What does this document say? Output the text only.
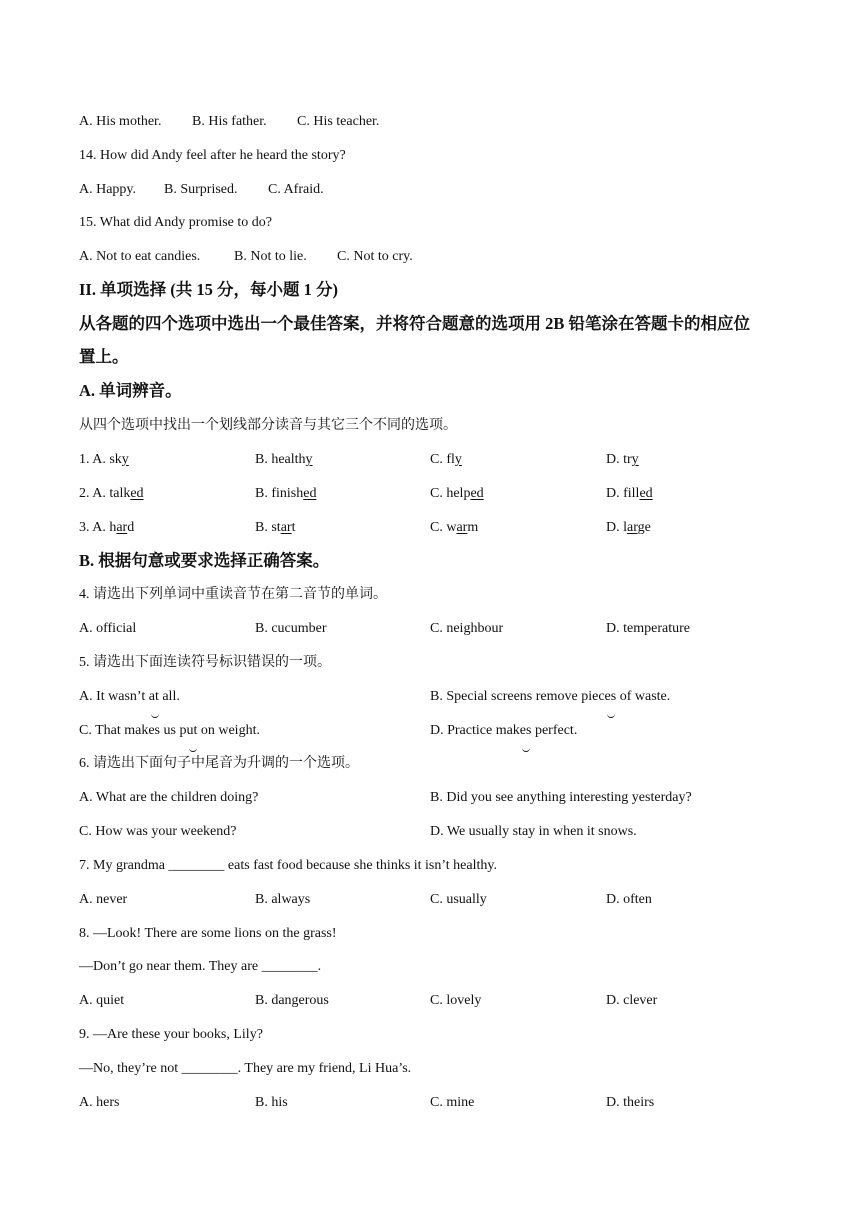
A. His mother. B. His father. C. His teacher.
14. How did Andy feel after he heard the story?
A. Happy. B. Surprised. C. Afraid.
15. What did Andy promise to do?
A. Not to eat candies. B. Not to lie. C. Not to cry.
II. 单项选择 (共 15 分，每小题 1 分)
从各题的四个选项中选出一个最佳答案，并将符合题意的选项用 2B 铅笔涂在答题卡的相应位
置上。
A. 单词辨音。
从四个选项中找出一个划线部分读音与其它三个不同的选项。
1. A. sky	B. healthy	C. fly	D. try
2. A. talked	B. finished	C. helped	D. filled
3. A. hard	B. start	C. warm	D. large
B. 根据句意或要求选择正确答案。
4. 请选出下列单词中重读音节在第二音节的单词。
A. official	B. cucumber	C. neighbour	D. temperature
5. 请选出下面连读符号标识错误的一项。
A. It wasn’t at all.	B. Special screens remove pieces of waste.
C. That makes us put on weight.	D. Practice makes perfect.
6. 请选出下面句子中尾音为升调的一个选项。
A. What are the children doing?	B. Did you see anything interesting yesterday?
C. How was your weekend?	D. We usually stay in when it snows.
7. My grandma ________ eats fast food because she thinks it isn’t healthy.
A. never	B. always	C. usually	D. often
8. —Look! There are some lions on the grass!
—Don’t go near them. They are ________.
A. quiet	B. dangerous	C. lovely	D. clever
9. —Are these your books, Lily?
—No, they’re not ________. They are my friend, Li Hua’s.
A. hers	B. his	C. mine	D. theirs
